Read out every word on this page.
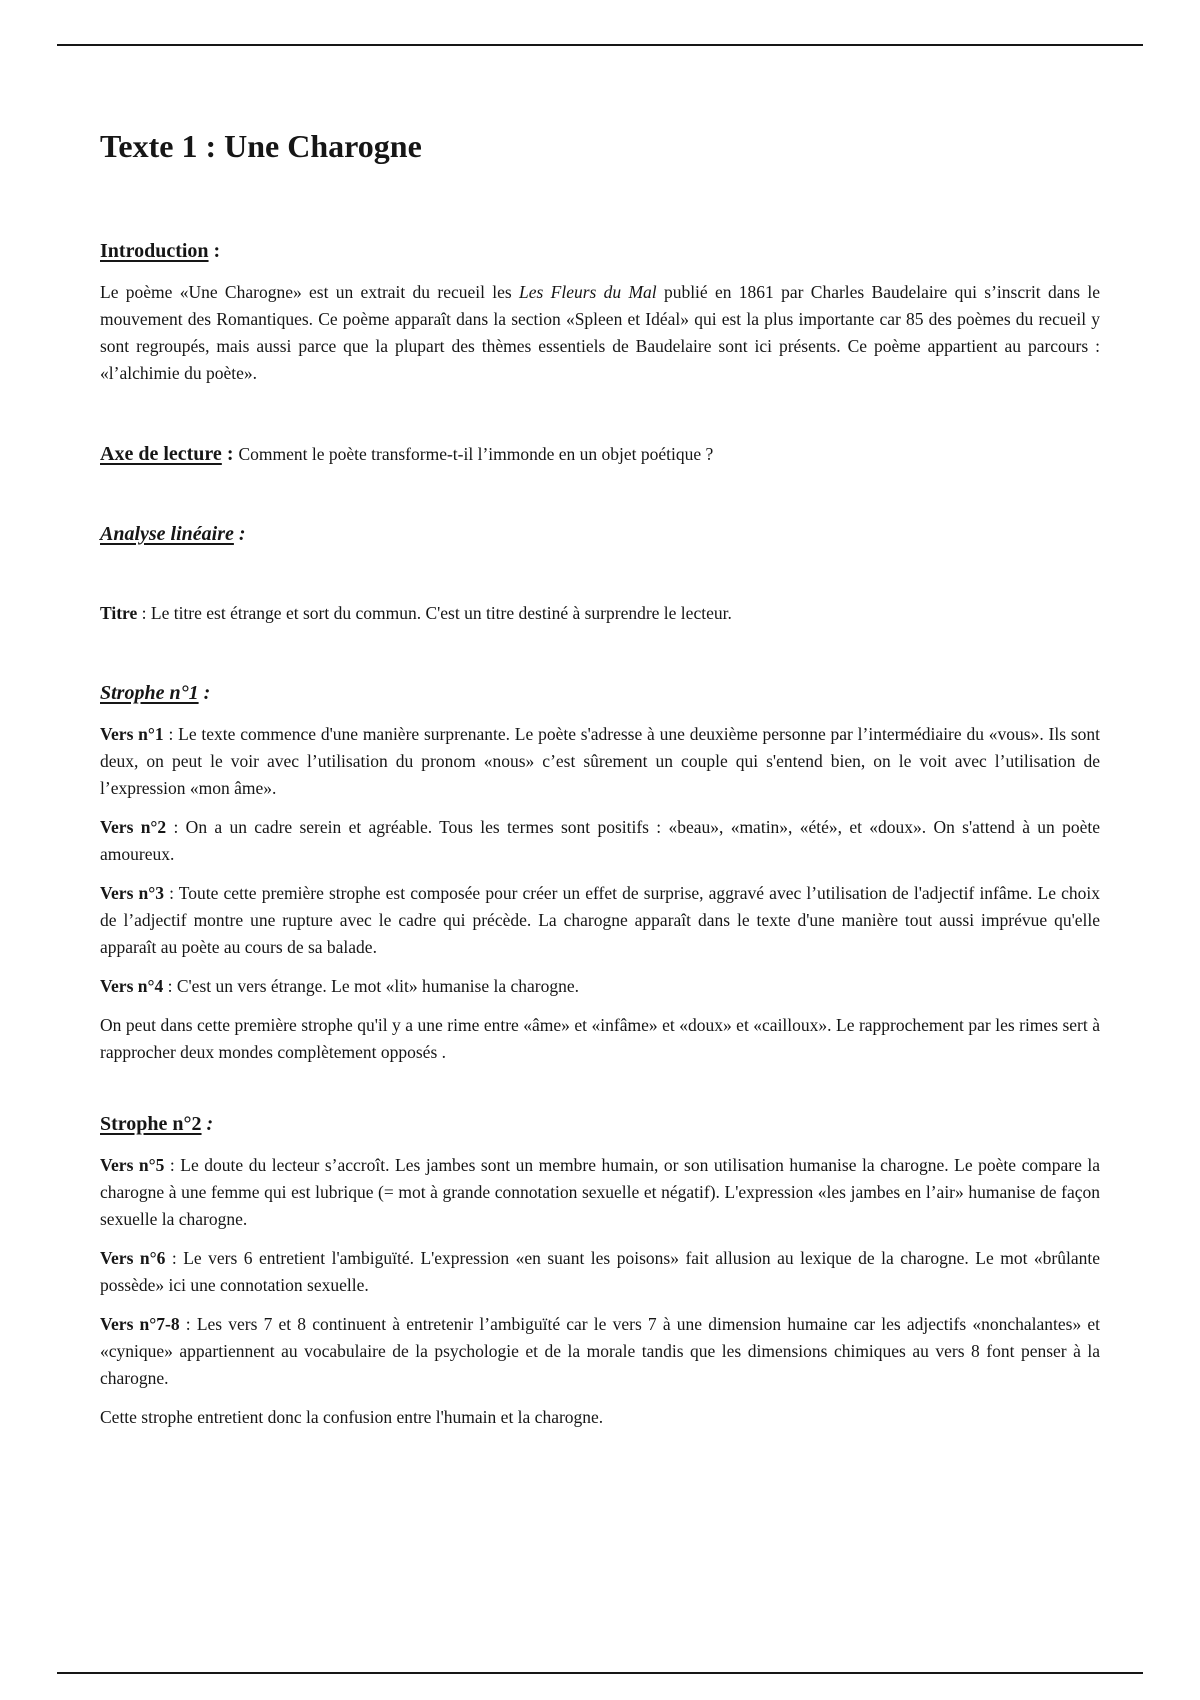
Texte 1 : Une Charogne
Introduction :

Le poème «Une Charogne» est un extrait du recueil les Les Fleurs du Mal publié en 1861 par Charles Baudelaire qui s’inscrit dans le mouvement des Romantiques. Ce poème apparaît dans la section «Spleen et Idéal» qui est la plus importante car 85 des poèmes du recueil y sont regroupés, mais aussi parce que la plupart des thèmes essentiels de Baudelaire sont ici présents. Ce poème appartient au parcours : «l’alchimie du poète».

Axe de lecture : Comment le poète transforme-t-il l’immonde en un objet poétique ?

Analyse linéaire :

Titre : Le titre est étrange et sort du commun. C'est un titre destiné à surprendre le lecteur.

Strophe n°1 :

Vers n°1 : Le texte commence d'une manière surprenante. Le poète s'adresse à une deuxième personne par l’intermédiaire du «vous». Ils sont deux, on peut le voir avec l’utilisation du pronom «nous» c’est sûrement un couple qui s'entend bien, on le voit avec l’utilisation de l’expression «mon âme».

Vers n°2 : On a un cadre serein et agréable. Tous les termes sont positifs : «beau», «matin», «été», et «doux». On s'attend à un poète amoureux.

Vers n°3 : Toute cette première strophe est composée pour créer un effet de surprise, aggravé avec l’utilisation de l'adjectif infâme. Le choix de l’adjectif montre une rupture avec le cadre qui précède. La charogne apparaît dans le texte d'une manière tout aussi imprévue qu'elle apparaît au poète au cours de sa balade.

Vers n°4 : C'est un vers étrange. Le mot «lit» humanise la charogne.

On peut dans cette première strophe qu'il y a une rime entre «âme» et «infâme» et «doux» et «cailloux». Le rapprochement par les rimes sert à rapprocher deux mondes complètement opposés .

Strophe n°2 :

Vers n°5 : Le doute du lecteur s’accroît. Les jambes sont un membre humain, or son utilisation humanise la charogne. Le poète compare la charogne à une femme qui est lubrique (= mot à grande connotation sexuelle et négatif). L'expression «les jambes en l’air» humanise de façon sexuelle la charogne.

Vers n°6 : Le vers 6 entretient l'ambiguïté. L'expression «en suant les poisons» fait allusion au lexique de la charogne. Le mot «brûlante possède» ici une connotation sexuelle.

Vers n°7-8 : Les vers 7 et 8 continuent à entretenir l’ambiguïté car le vers 7 à une dimension humaine car les adjectifs «nonchalantes» et «cynique» appartiennent au vocabulaire de la psychologie et de la morale tandis que les dimensions chimiques au vers 8 font penser à la charogne.

Cette strophe entretient donc la confusion entre l'humain et la charogne.
